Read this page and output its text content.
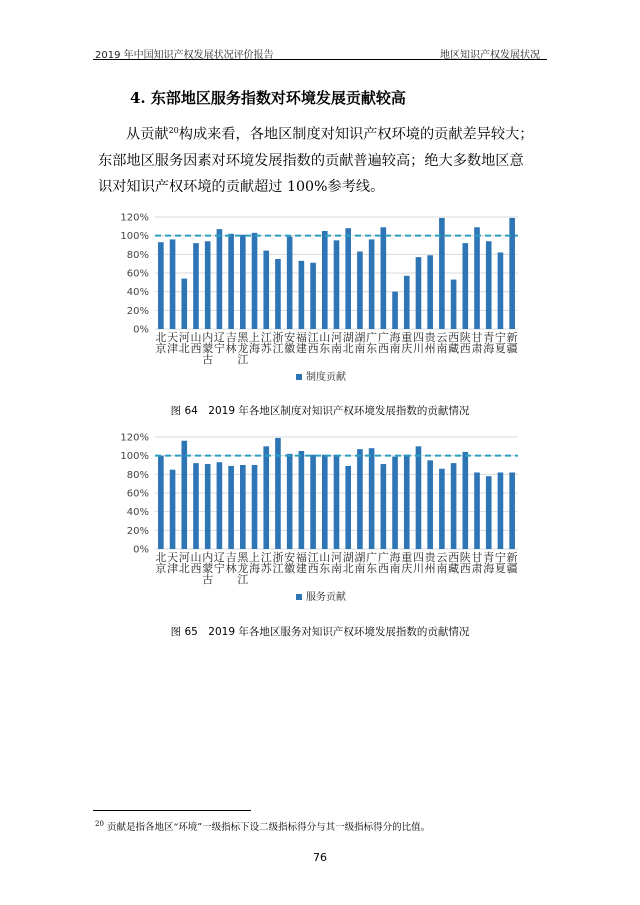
2019 年中国知识产权发展状况评价报告	地区知识产权发展状况
4. 东部地区服务指数对环境发展贡献较高

从贡献$^{20}$构成来看，各地区制度对知识产权环境的贡献差异较大；

东部地区服务因素对环境发展指数的贡献普遍较高；绝大多数地区意

识对知识产权环境的贡献超过 100%参考线。

0%
20%
40%
60%
80%
100%
120%
北京
天津
河北
山西
内蒙古
辽宁
吉林
黑龙江
上海
江苏
浙江
安徽
福建
江西
山东
河南
湖北
湖南
广东
广西
海南
重庆
四川
贵州
云南
西藏
陕西
甘肃
青海
宁夏
新疆
制度贡献
图 64　2019 年各地区制度对知识产权环境发展指数的贡献情况
0%
20%
40%
60%
80%
100%
120%
北京
天津
河北
山西
内蒙古
辽宁
吉林
黑龙江
上海
江苏
浙江
安徽
福建
江西
山东
河南
湖北
湖南
广东
广西
海南
重庆
四川
贵州
云南
西藏
陕西
甘肃
青海
宁夏
新疆
服务贡献
图 65　2019 年各地区服务对知识产权环境发展指数的贡献情况
$^{20}$ 贡献是指各地区“环境”一级指标下设二级指标得分与其一级指标得分的比值。
76
